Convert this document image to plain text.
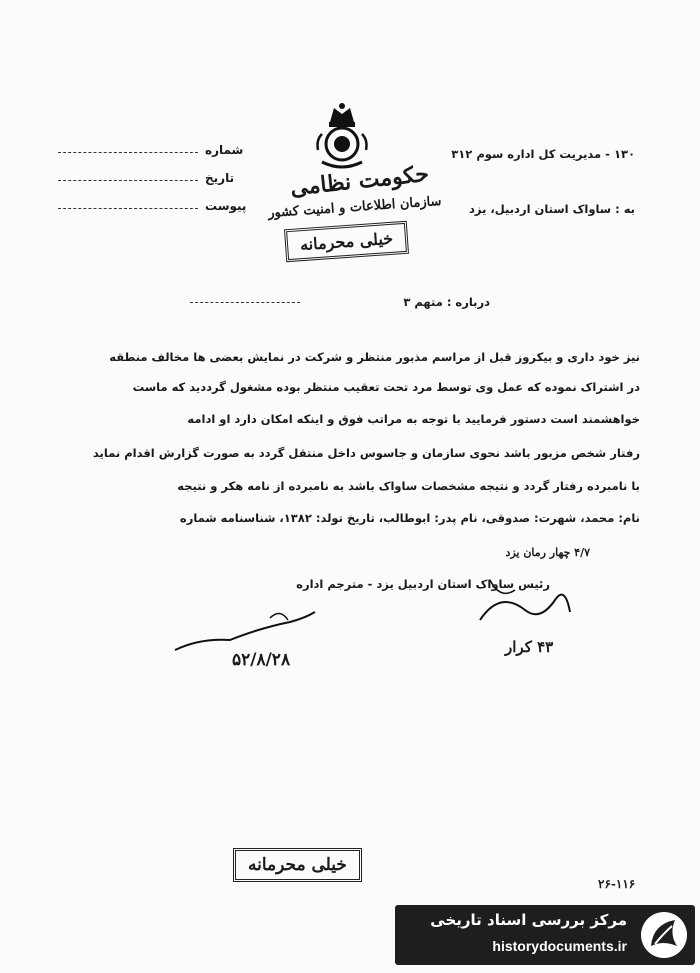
شماره
تاریخ
پیوست
حکومت نظامی
سازمان اطلاعات و امنیت کشور
خیلی محرمانه
۱۳۰ - مدیریت کل اداره سوم ۳۱۲
به : ساواک استان اردبیل، یزد
درباره : متهم ۳
نیز خود داری و بیکروز قبل از مراسم مذبور منتظر و شرکت در نمایش بعضی ها مخالف منطقه
در اشتراک نموده که عمل وی توسط مرد تحت تعقیب منتظر بوده مشغول گرددید که ماست
خواهشمند است دستور فرمایید با توجه به مراتب فوق و اینکه امکان دارد او ادامه
رفتار شخص مزبور باشد نحوی سازمان و جاسوس داخل منتقل گردد به صورت گزارش اقدام نماید
با نامبرده رفتار گردد و نتیجه مشخصات ساواک باشد به نامبرده از نامه هکر و نتیجه
نام: محمد، شهرت: صدوقی، نام پدر: ابوطالب، تاریخ تولد: ۱۳۸۲، شناسنامه شماره
۴/۷ چهار رمان یزد
رئیس ساواک استان اردبیل یزد - مترجم اداره
۵۲/۸/۲۸
۴۳ کرار
خیلی محرمانه
۲۶-۱۱۶
مرکز بررسی اسناد تاریخی
historydocuments.ir
